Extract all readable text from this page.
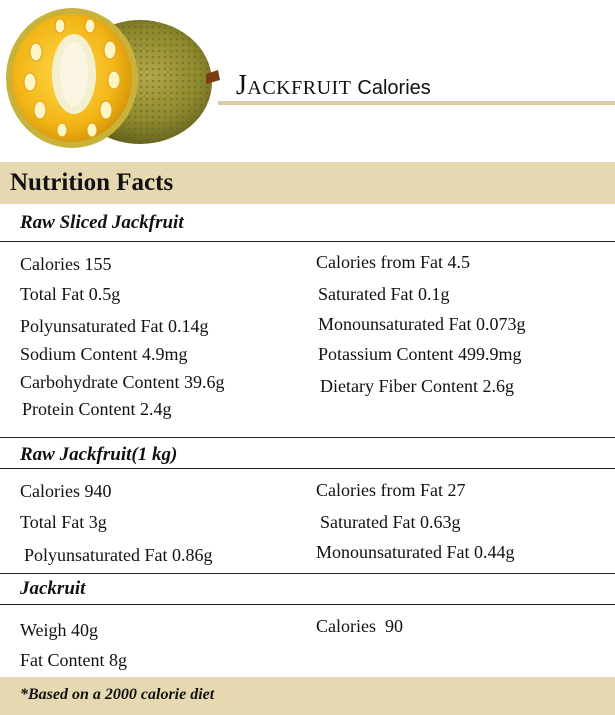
Jackfruit Calories
Nutrition Facts
Raw Sliced Jackfruit
Calories 155
Total Fat 0.5g
Polyunsaturated Fat 0.14g
Sodium Content 4.9mg
Carbohydrate Content 39.6g
Protein Content 2.4g
Calories from Fat 4.5
Saturated Fat 0.1g
Monounsaturated Fat 0.073g
Potassium Content 499.9mg
Dietary Fiber Content 2.6g
Raw Jackfruit(1 kg)
Calories 940
Total Fat 3g
Polyunsaturated Fat 0.86g
Calories from Fat 27
Saturated Fat 0.63g
Monounsaturated Fat 0.44g
Jackruit
Weigh 40g
Fat Content 8g
Calories  90
*Based on a 2000 calorie diet
